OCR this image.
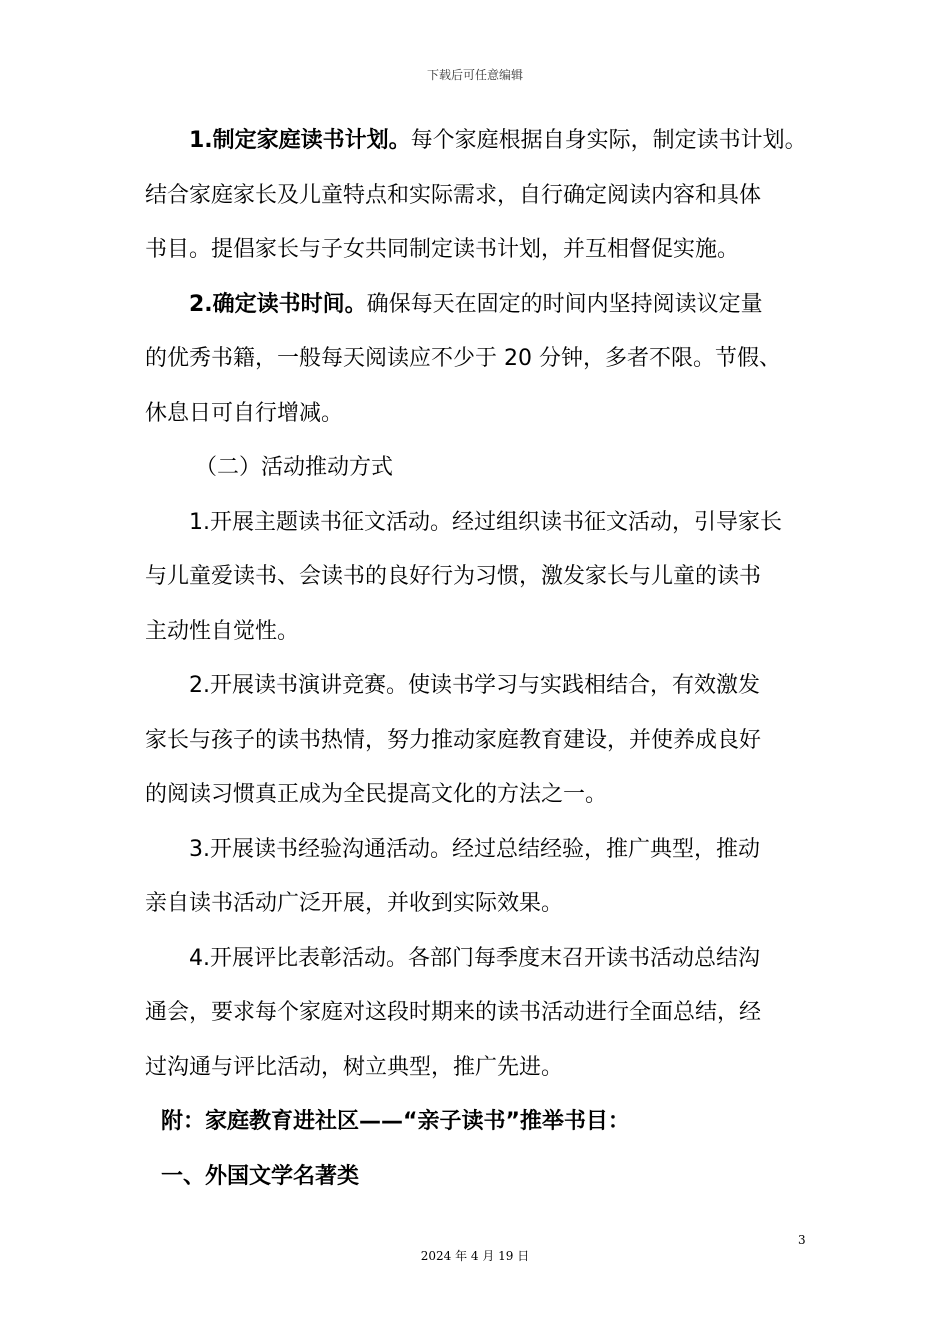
下载后可任意编辑
1.制定家庭读书计划。每个家庭根据自身实际，制定读书计划。
结合家庭家长及儿童特点和实际需求，自行确定阅读内容和具体
书目。提倡家长与子女共同制定读书计划，并互相督促实施。
2.确定读书时间。确保每天在固定的时间内坚持阅读议定量
的优秀书籍，一般每天阅读应不少于 20 分钟，多者不限。节假、
休息日可自行增减。
（二）活动推动方式
1.开展主题读书征文活动。经过组织读书征文活动，引导家长
与儿童爱读书、会读书的良好行为习惯，激发家长与儿童的读书
主动性自觉性。
2.开展读书演讲竞赛。使读书学习与实践相结合，有效激发
家长与孩子的读书热情，努力推动家庭教育建设，并使养成良好
的阅读习惯真正成为全民提高文化的方法之一。
3.开展读书经验沟通活动。经过总结经验，推广典型，推动
亲自读书活动广泛开展，并收到实际效果。
4.开展评比表彰活动。各部门每季度末召开读书活动总结沟
通会，要求每个家庭对这段时期来的读书活动进行全面总结，经
过沟通与评比活动，树立典型，推广先进。
附：家庭教育进社区——“亲子读书”推举书目：
一、外国文学名著类
3
2024 年 4 月 19 日
